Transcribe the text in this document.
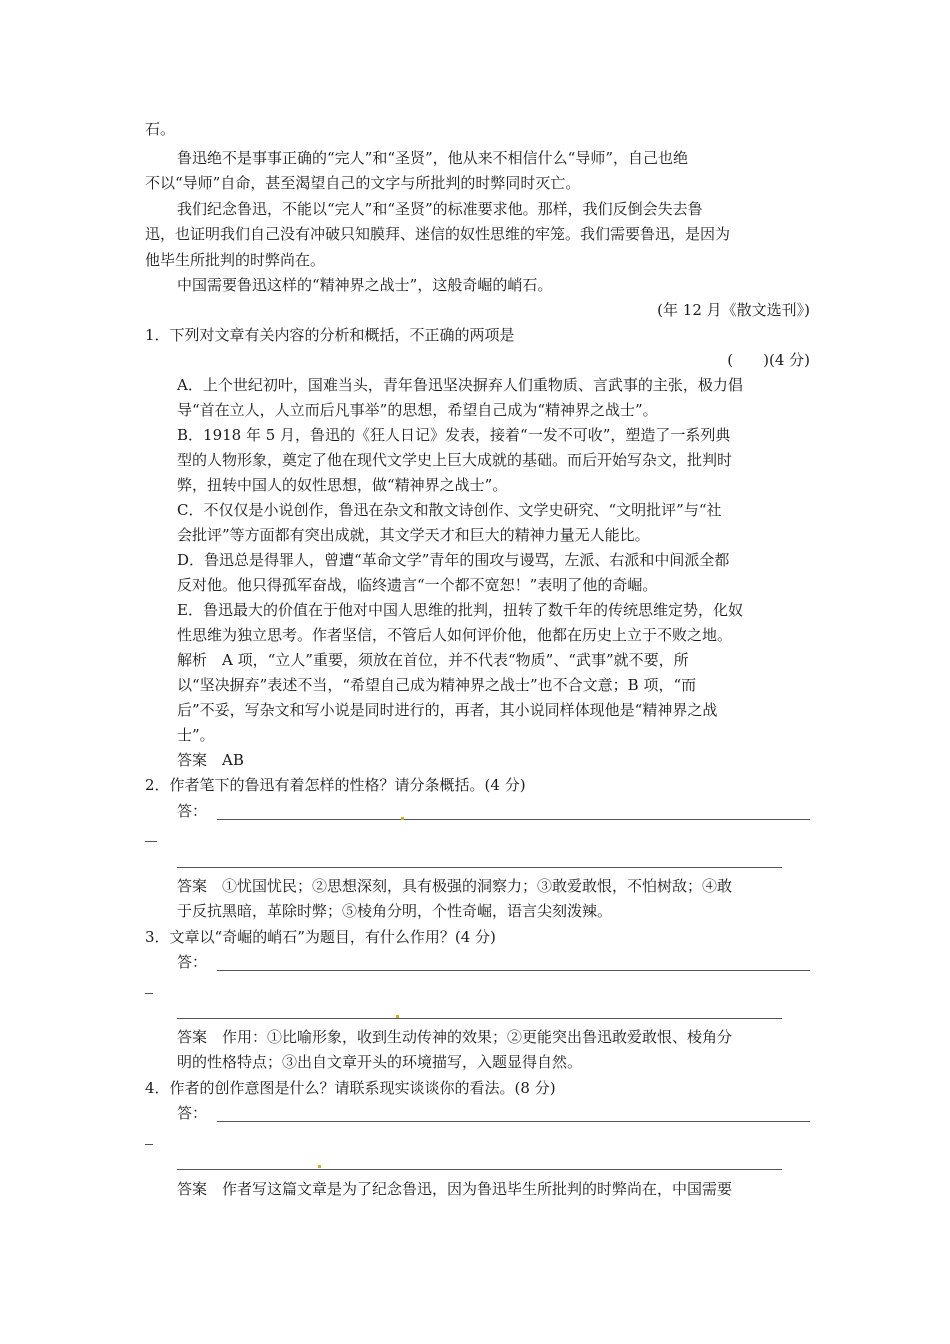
石。
鲁迅绝不是事事正确的“完人”和“圣贤”，他从来不相信什么“导师”，自己也绝
不以“导师”自命，甚至渴望自己的文字与所批判的时弊同时灭亡。
我们纪念鲁迅，不能以“完人”和“圣贤”的标准要求他。那样，我们反倒会失去鲁
迅，也证明我们自己没有冲破只知膜拜、迷信的奴性思维的牢笼。我们需要鲁迅，是因为
他毕生所批判的时弊尚在。
中国需要鲁迅这样的“精神界之战士”，这般奇崛的峭石。
(年 12 月《散文选刊》)
1．下列对文章有关内容的分析和概括，不正确的两项是
(　　)(4 分)
A．上个世纪初叶，国难当头，青年鲁迅坚决摒弃人们重物质、言武事的主张，极力倡
导“首在立人，人立而后凡事举”的思想，希望自己成为“精神界之战士”。
B．1918 年 5 月，鲁迅的《狂人日记》发表，接着“一发不可收”，塑造了一系列典
型的人物形象，奠定了他在现代文学史上巨大成就的基础。而后开始写杂文，批判时
弊，扭转中国人的奴性思想，做“精神界之战士”。
C．不仅仅是小说创作，鲁迅在杂文和散文诗创作、文学史研究、“文明批评”与“社
会批评”等方面都有突出成就，其文学天才和巨大的精神力量无人能比。
D．鲁迅总是得罪人，曾遭“革命文学”青年的围攻与谩骂，左派、右派和中间派全都
反对他。他只得孤军奋战，临终遗言“一个都不宽恕！”表明了他的奇崛。
E．鲁迅最大的价值在于他对中国人思维的批判，扭转了数千年的传统思维定势，化奴
性思维为独立思考。作者坚信，不管后人如何评价他，他都在历史上立于不败之地。
解析　A 项，“立人”重要，须放在首位，并不代表“物质”、“武事”就不要，所
以“坚决摒弃”表述不当，“希望自己成为精神界之战士”也不合文意；B 项，“而
后”不妥，写杂文和写小说是同时进行的，再者，其小说同样体现他是“精神界之战
士”。
答案　AB
2．作者笔下的鲁迅有着怎样的性格？请分条概括。(4 分)
答：
答案　①忧国忧民；②思想深刻，具有极强的洞察力；③敢爱敢恨，不怕树敌；④敢
于反抗黑暗，革除时弊；⑤棱角分明，个性奇崛，语言尖刻泼辣。
3．文章以“奇崛的峭石”为题目，有什么作用？(4 分)
答：
答案　作用：①比喻形象，收到生动传神的效果；②更能突出鲁迅敢爱敢恨、棱角分
明的性格特点；③出自文章开头的环境描写，入题显得自然。
4．作者的创作意图是什么？请联系现实谈谈你的看法。(8 分)
答：
答案　作者写这篇文章是为了纪念鲁迅，因为鲁迅毕生所批判的时弊尚在，中国需要
